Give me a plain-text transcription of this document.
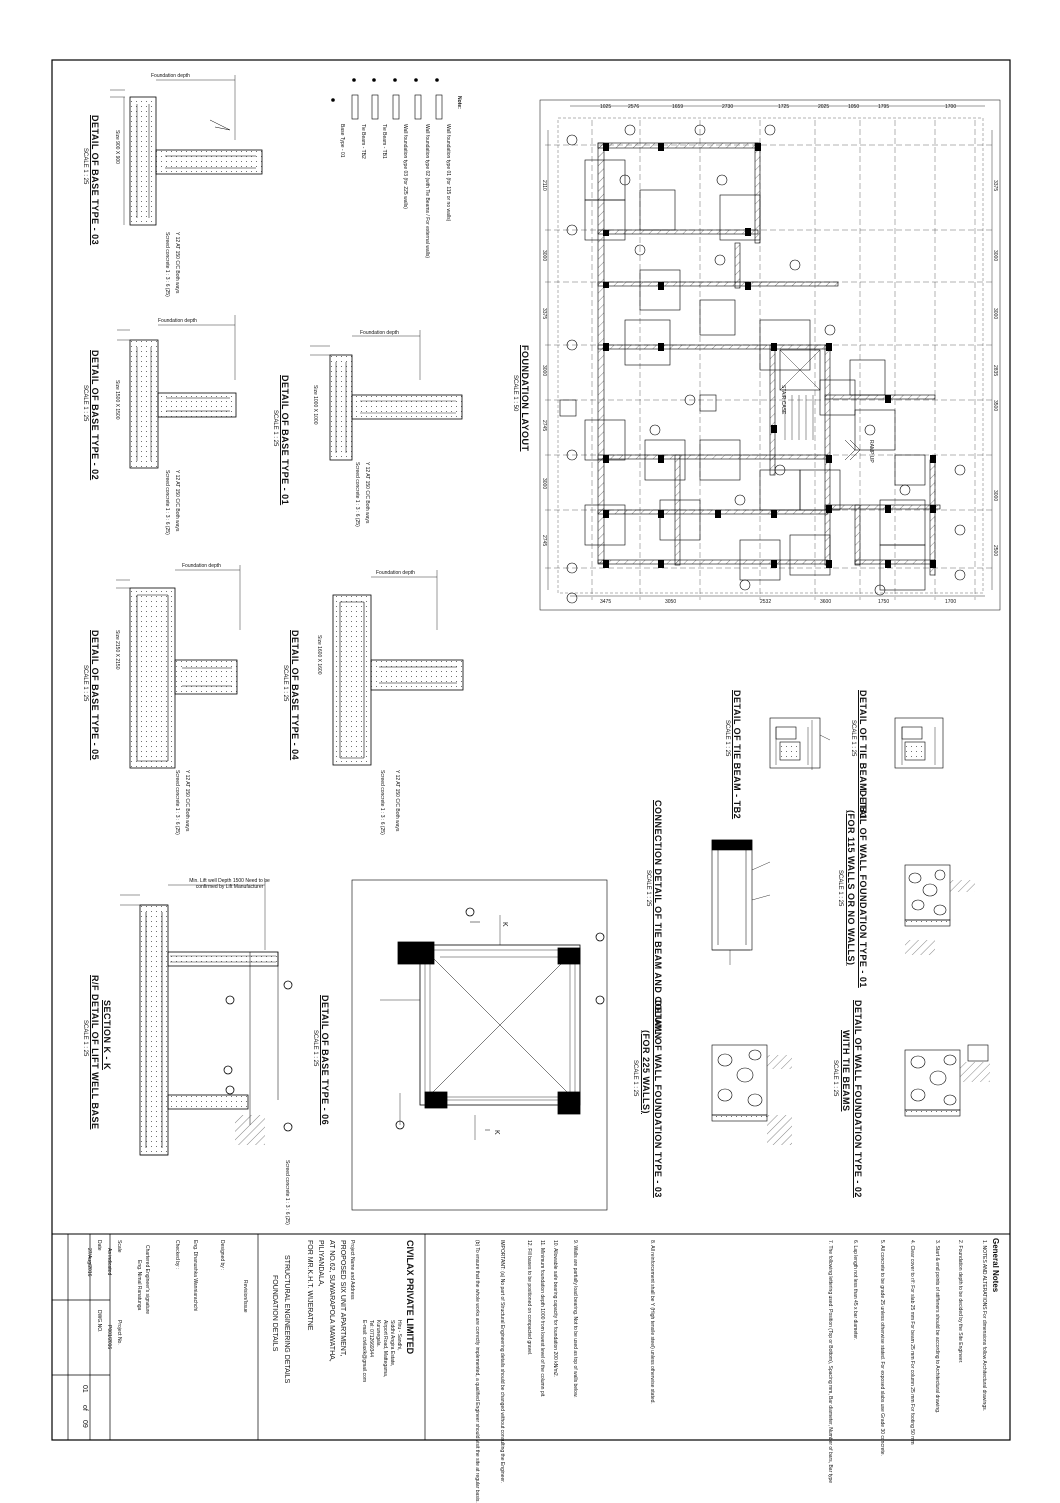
DETAIL OF BASE TYPE - 03
SCALE 1 : 25
Size 900 X 900
Foundation depth
Y 12 AT 150 C/C Both ways
Screed concrete 1 : 3 : 6 (25)
DETAIL OF BASE TYPE - 02
SCALE 1 : 25	Size 1500 X 1500
Foundation depth
Y 12 AT 150 C/C Both ways
Screed concrete 1 : 3 : 6 (25)	DETAIL OF BASE TYPE - 01
SCALE 1 : 25
Size 1000 X 1000
Foundation depth
Y 12 AT 150 C/C Both ways
Screed concrete 1 : 3 : 6 (25)
DETAIL OF BASE TYPE - 05
SCALE 1 : 25
Size 2150 X 2150
Foundation depth
Y 12 AT 150 C/C Both ways
Screed concrete 1 : 3 : 6 (25)
DETAIL OF BASE TYPE - 04
SCALE 1 : 25
Size 1600 X 1600
Foundation depth
Y 12 AT 150 C/C Both ways
Screed concrete 1 : 3 : 6 (25)
SECTION K - K
R/F DETAIL OF LIFT WELL BASE
SCALE 1 : 25
Min. Lift well Depth 1500 Need to be confirmed by Lift Manufacturer
Screed concrete 1 : 3 : 6 (25)
DETAIL OF BASE TYPE - 06
SCALE 1 : 25
K
K
FOUNDATION LAYOUT
SCALE 1 : 50	STAIR CASE
RAMP UP
1025	2576	1659	2730	1725	2025	1050	1795	1700
3475	3050	2532	3600	1750	1700
2110
3000
3375
3000
2745
3000
2745
3375
3000
3000
2835
3500
3000
2500
Note:
Wall foundation type 01 (for 115 or no walls)
Wall foundation type 02 (with Tie Beams / For external walls)
Wall foundation type 03 (for 225 walls)
Tie Beam - TB1
Tie Beam - TB2
Base Type - 01
DETAIL OF TIE BEAM - TB2
SCALE 1 : 25	DETAIL OF TIE BEAM - TB1
SCALE 1 : 25
CONNECTION DETAIL OF TIE BEAM AND COLUMN
SCALE 1 : 25	DETAIL OF WALL FOUNDATION TYPE - 01
(FOR 115 WALLS OR NO WALLS)
SCALE 1 : 25
DETAIL OF WALL FOUNDATION TYPE - 03
(FOR 225 WALLS)
SCALE 1 : 25	DETAIL OF WALL FOUNDATION TYPE - 02
WITH TIE BEAMS
SCALE 1 : 25
General Notes
1. NOTES AND ALTERATIONS For dimensions follow Architectural drawings.
2. Foundation depth to be decided by the Site Engineer.
3. Start & end points of stiffeners should be according to Architectural drawing.
4. Clear cover to r/f: For slab 25 mm For beam 25 mm For column 25 mm For footing 50 mm
5. All concrete to be grade 25 unless otherwise stated. For exposed slabs use Grade 30 concrete.
6. Lap length not less than 45 x bar diameter.
7. The following lettering used: Position (Top or Bottom), Spacing mm, Bar diameter, Number of bars, Bar type
8. All reinforcement shall be Y (High tensile steel) unless otherwise stated.
9. Walls are partially load bearing. Not to be used as top of walls below.
10. Allowable safe bearing capacity for foundation 200 kN/m2.
11. Minimum foundation depth 1000 from lowest level of the column pit.
12. Fill bases to be positioned on compacted gravel.
IMPORTANT: (a) No part of Structural Engineering details should be changed without consulting the Engineer.
(b) To ensure that the whole works are correctly implemented, a qualified Engineer should visit the site at regular basis.
CIVILAX PRIVATE LIMITED
Hiru - Sandhi,
Siddhi Angira Estate,
Airport Road, Mattegama,
Kurunegala.
Tel: 0712669344
E-mail: civilaxlk@gmail.com
Project Name and Address
PROPOSED SIX UNIT APARTMENT,
AT NO.62, SUWARAPOLA MAWATHA,
PILIYANDALA,
FOR MR.K.H.T. WIJERATNE
STRUCTURAL ENGINEERING DETAILS
FOUNDATION DETAILS
Revision/Issue
Designed by :
Eng. Dhanushka Wanniarachchi
Checked by :
Chartered Engineer's signature
Eng. Nimal Ranatunga
Scale
As indicated
Project No.
P001/2016
Date
27/Aug/2016
DWG.NO.
01
of
09
